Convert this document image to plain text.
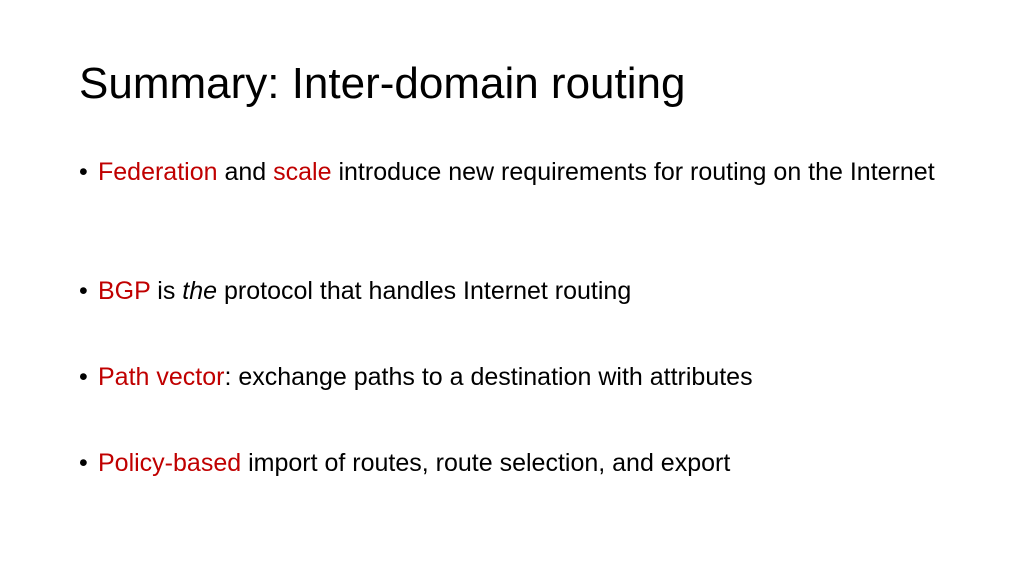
Summary: Inter-domain routing
• Federation and scale introduce new requirements for routing on the Internet
• BGP is the protocol that handles Internet routing
• Path vector: exchange paths to a destination with attributes
• Policy-based import of routes, route selection, and export
